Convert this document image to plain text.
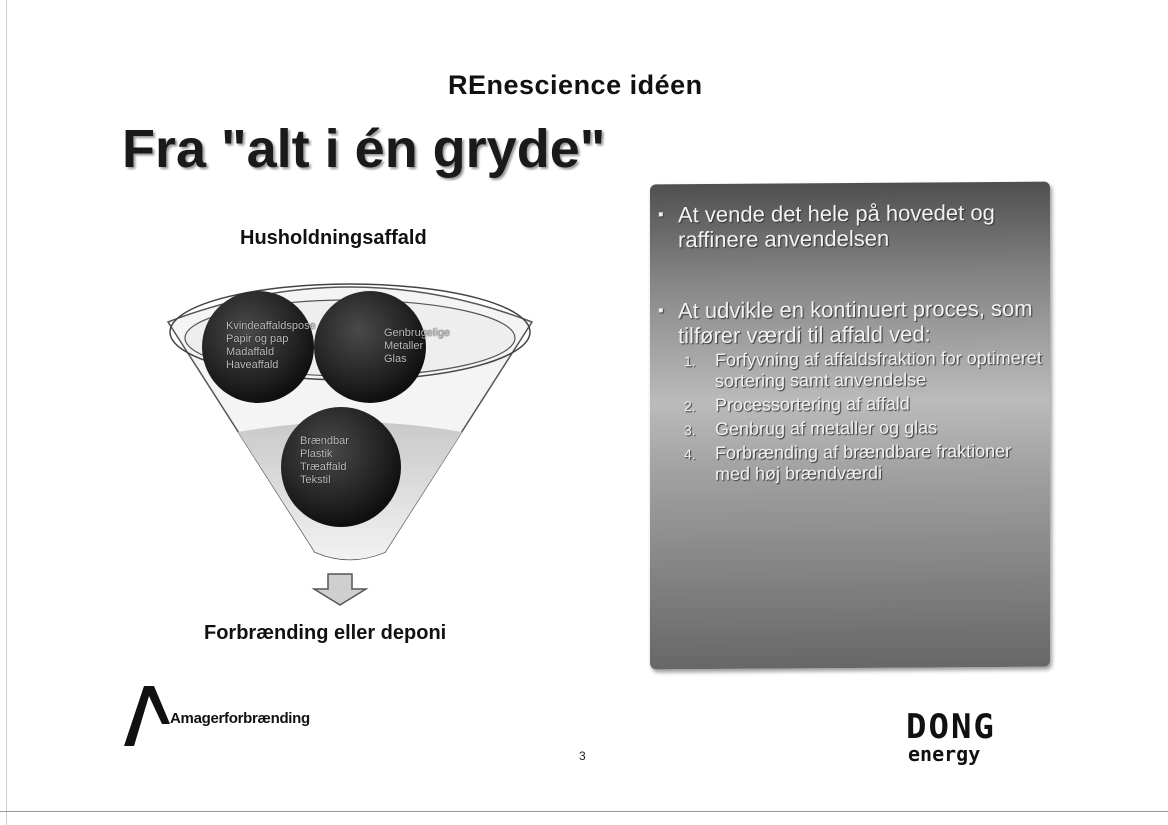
REnescience idéen
Fra "alt i én gryde"
Husholdningsaffald
Kvindeaffaldspose
Papir og pap
Madaffald
Haveaffald
Genbrugelige
Metaller
Glas
Brændbar
Plastik
Træaffald
Tekstil
Forbrænding eller deponi
▪ At vende det hele på hovedet og raffinere anvendelsen
▪ At udvikle en kontinuert proces, som tilfører værdi til affald ved:
1. Forfyvning af affaldsfraktion for optimeret sortering samt anvendelse
2. Processortering af affald
3. Genbrug af metaller og glas
4. Forbrænding af brændbare fraktioner med høj brændværdi
Amagerforbrænding
3
DONG
energy
